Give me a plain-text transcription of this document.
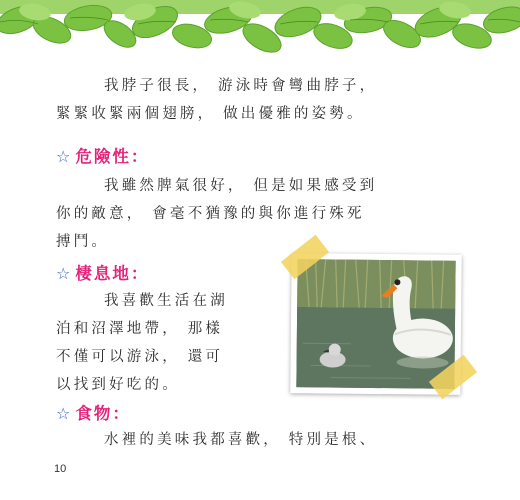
我脖子很長， 游泳時會彎曲脖子，
緊緊收緊兩個翅膀， 做出優雅的姿勢。
☆ 危險性：
我雖然脾氣很好， 但是如果感受到
你的敵意， 會毫不猶豫的與你進行殊死
搏鬥。
☆ 棲息地：
我喜歡生活在湖
泊和沼澤地帶， 那樣
不僅可以游泳， 還可
以找到好吃的。
☆ 食物：
水裡的美味我都喜歡， 特別是根、
10
